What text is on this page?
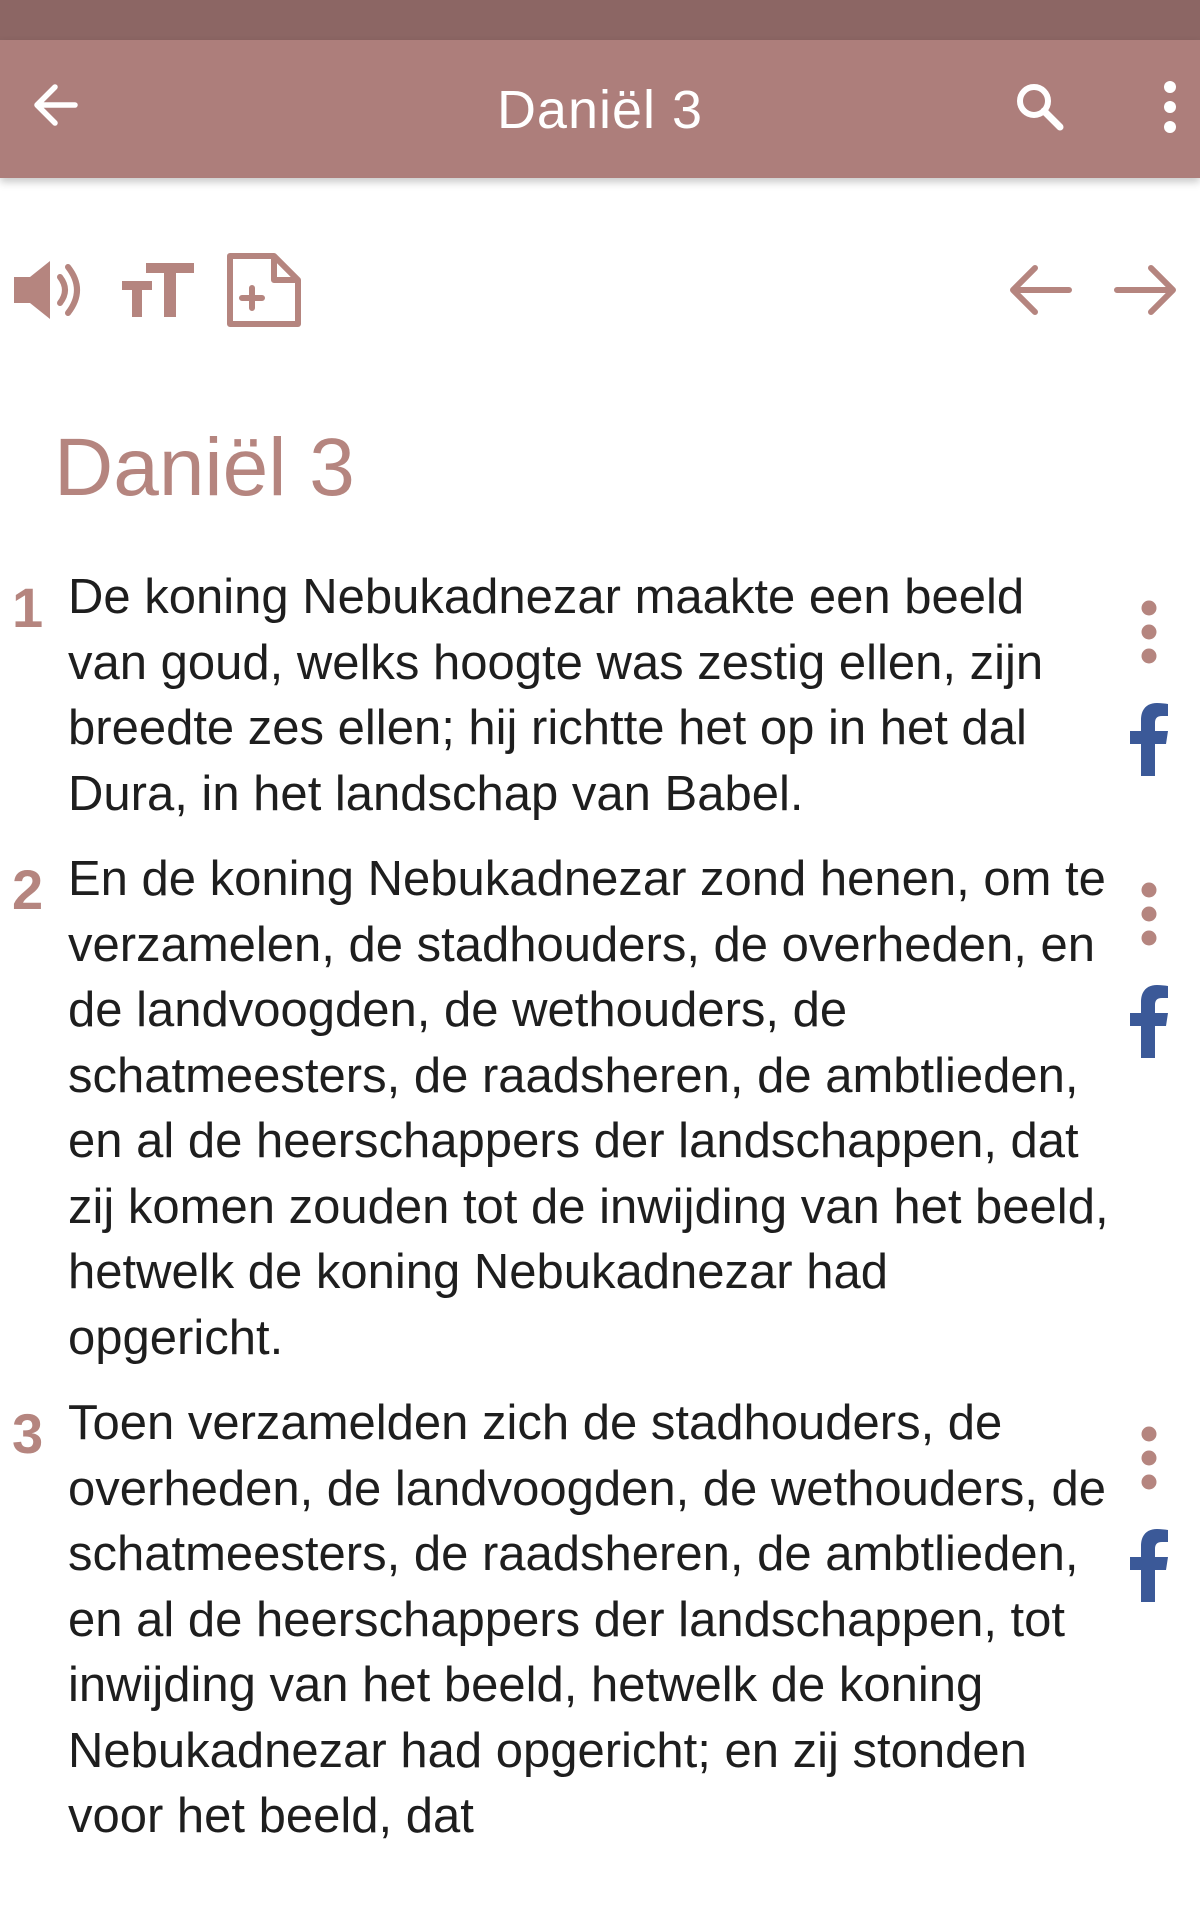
Daniël 3
Daniël 3
1 De koning Nebukadnezar maakte een beeld van goud, welks hoogte was zestig ellen, zijn breedte zes ellen; hij richtte het op in het dal Dura, in het landschap van Babel.

2 En de koning Nebukadnezar zond henen, om te verzamelen, de stadhouders, de overheden, en de landvoogden, de wethouders, de schatmeesters, de raadsheren, de ambtlieden, en al de heerschappers der landschappen, dat zij komen zouden tot de inwijding van het beeld, hetwelk de koning Nebukadnezar had opgericht.

3 Toen verzamelden zich de stadhouders, de overheden, de landvoogden, de wethouders, de schatmeesters, de raadsheren, de ambtlieden, en al de heerschappers der landschappen, tot inwijding van het beeld, hetwelk de koning Nebukadnezar had opgericht; en zij stonden voor het beeld, dat
